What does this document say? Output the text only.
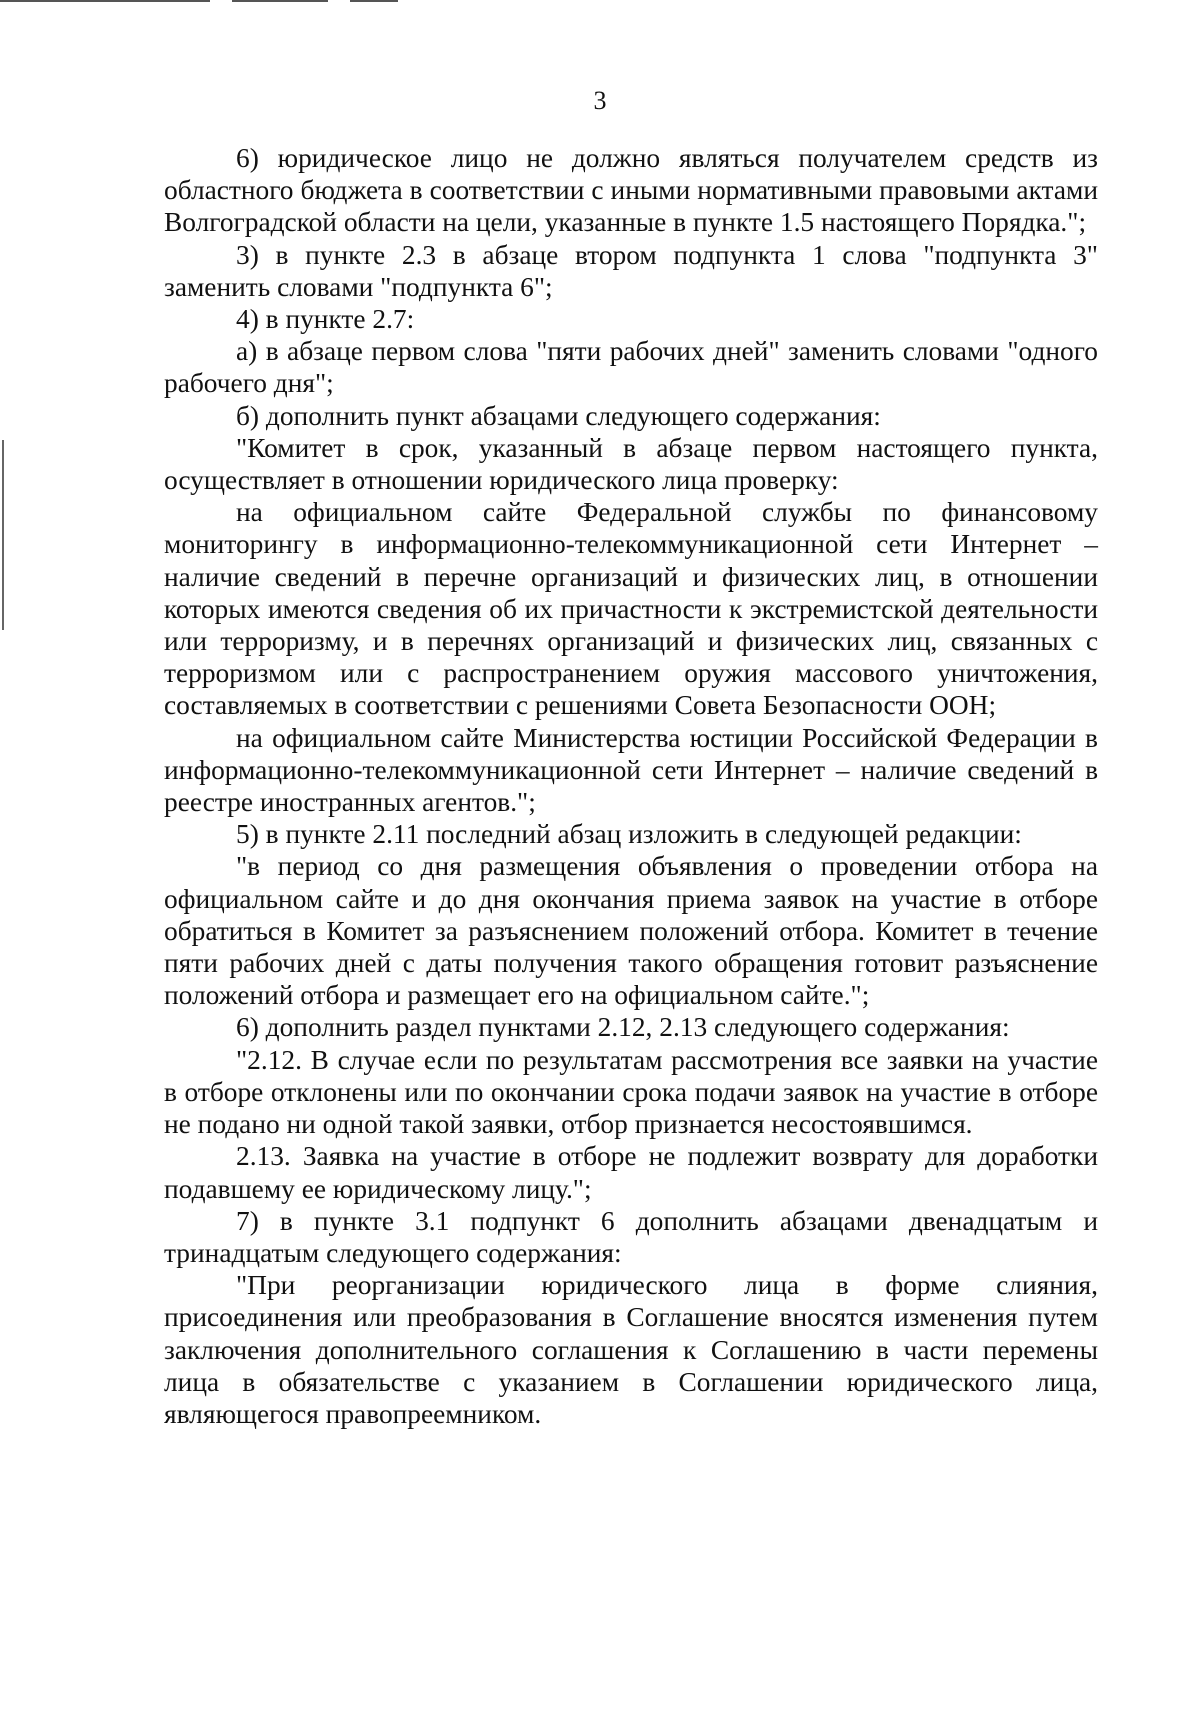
3

6) юридическое лицо не должно являться получателем средств из областного бюджета в соответствии с иными нормативными правовыми актами Волгоградской области на цели, указанные в пункте 1.5 настоящего Порядка.";

3) в пункте 2.3 в абзаце втором подпункта 1 слова "подпункта 3" заменить словами "подпункта 6";

4) в пункте 2.7:

а) в абзаце первом слова "пяти рабочих дней" заменить словами "одного рабочего дня";

б) дополнить пункт абзацами следующего содержания:

"Комитет в срок, указанный в абзаце первом настоящего пункта, осуществляет в отношении юридического лица проверку:

на официальном сайте Федеральной службы по финансовому мониторингу в информационно-телекоммуникационной сети Интернет – наличие сведений в перечне организаций и физических лиц, в отношении которых имеются сведения об их причастности к экстремистской деятельности или терроризму, и в перечнях организаций и физических лиц, связанных с терроризмом или с распространением оружия массового уничтожения, составляемых в соответствии с решениями Совета Безопасности ООН;

на официальном сайте Министерства юстиции Российской Федерации в информационно-телекоммуникационной сети Интернет – наличие сведений в реестре иностранных агентов.";

5) в пункте 2.11 последний абзац изложить в следующей редакции:

"в период со дня размещения объявления о проведении отбора на официальном сайте и до дня окончания приема заявок на участие в отборе обратиться в Комитет за разъяснением положений отбора. Комитет в течение пяти рабочих дней с даты получения такого обращения готовит разъяснение положений отбора и размещает его на официальном сайте.";

6) дополнить раздел пунктами 2.12, 2.13 следующего содержания:

"2.12. В случае если по результатам рассмотрения все заявки на участие в отборе отклонены или по окончании срока подачи заявок на участие в отборе не подано ни одной такой заявки, отбор признается несостоявшимся.

2.13. Заявка на участие в отборе не подлежит возврату для доработки подавшему ее юридическому лицу.";

7) в пункте 3.1 подпункт 6 дополнить абзацами двенадцатым и тринадцатым следующего содержания:

"При реорганизации юридического лица в форме слияния, присоединения или преобразования в Соглашение вносятся изменения путем заключения дополнительного соглашения к Соглашению в части перемены лица в обязательстве с указанием в Соглашении юридического лица, являющегося правопреемником.
